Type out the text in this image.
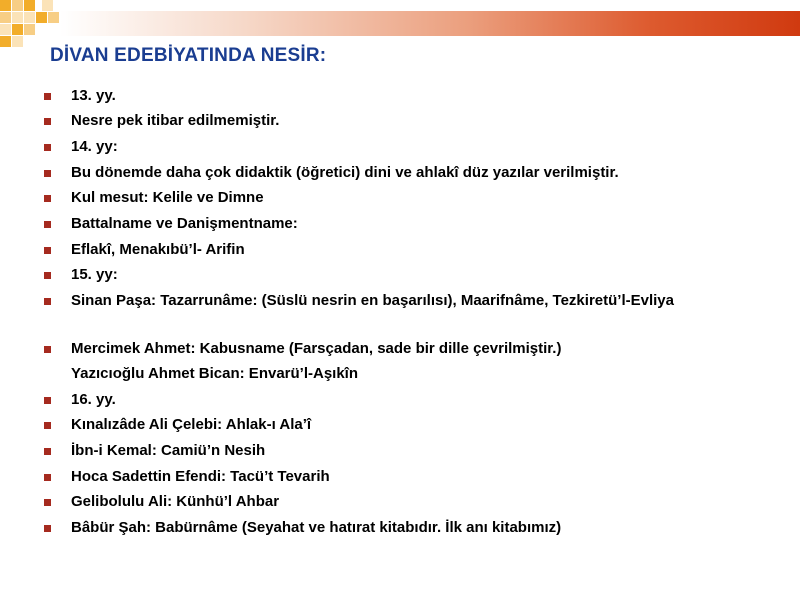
DİVAN EDEBİYATINDA NESİR:
13. yy.
Nesre pek itibar edilmemiştir.
14. yy:
Bu dönemde daha çok didaktik (öğretici) dini ve ahlakî düz yazılar verilmiştir.
Kul mesut: Kelile ve Dimne
Battalname ve Danişmentname:
Eflakî, Menakıbü’l- Arifin
15. yy:
Sinan Paşa: Tazarrunâme: (Süslü nesrin en başarılısı), Maarifnâme, Tezkiretü’l-Evliya
Mercimek Ahmet: Kabusname (Farsçadan, sade bir dille çevrilmiştir.)
Yazıcıoğlu Ahmet Bican: Envarü’l-Aşıkîn
16. yy.
Kınalızâde Ali Çelebi: Ahlak-ı Ala’î
İbn-i Kemal: Camiü’n Nesih
Hoca Sadettin Efendi: Tacü’t Tevarih
Gelibolulu Ali: Künhü’l Ahbar
Bâbür Şah: Babürnâme (Seyahat ve hatırat kitabıdır. İlk anı kitabımız)
